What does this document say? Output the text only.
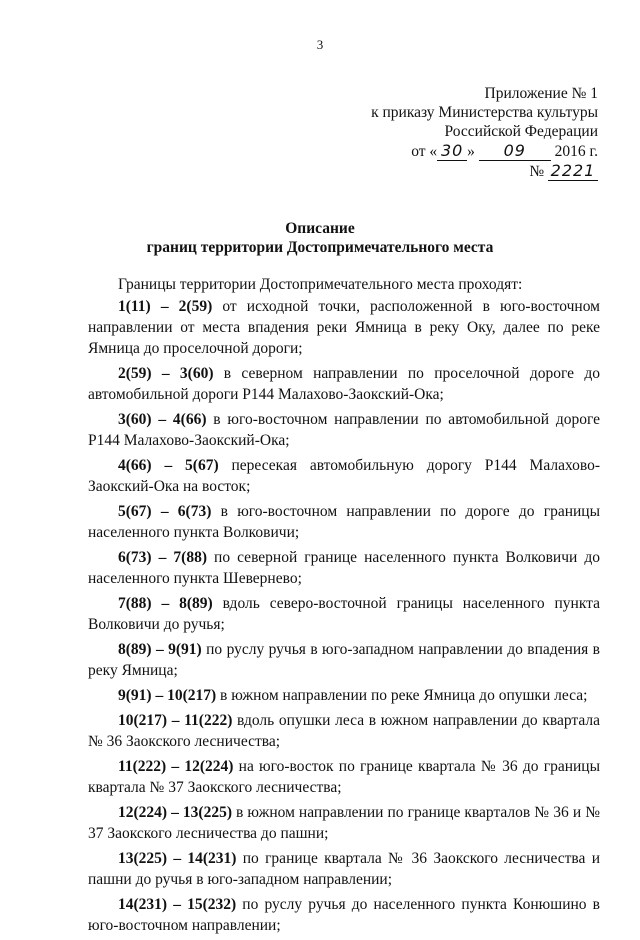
3
Приложение № 1
к приказу Министерства культуры
Российской Федерации
от « 30 » 09 2016 г.
№ 2221
Описание
границ территории Достопримечательного места

Границы территории Достопримечательного места проходят:

1(11) – 2(59) от исходной точки, расположенной в юго-восточном направлении от места впадения реки Ямница в реку Оку, далее по реке Ямница до проселочной дороги;

2(59) – 3(60) в северном направлении по проселочной дороге до автомобильной дороги Р144 Малахово-Заокский-Ока;

3(60) – 4(66) в юго-восточном направлении по автомобильной дороге Р144 Малахово-Заокский-Ока;

4(66) – 5(67) пересекая автомобильную дорогу Р144 Малахово-Заокский-Ока на восток;

5(67) – 6(73) в юго-восточном направлении по дороге до границы населенного пункта Волковичи;

6(73) – 7(88) по северной границе населенного пункта Волковичи до населенного пункта Шевернево;

7(88) – 8(89) вдоль северо-восточной границы населенного пункта Волковичи до ручья;

8(89) – 9(91) по руслу ручья в юго-западном направлении до впадения в реку Ямница;

9(91) – 10(217) в южном направлении по реке Ямница до опушки леса;

10(217) – 11(222) вдоль опушки леса в южном направлении до квартала № 36 Заокского лесничества;

11(222) – 12(224) на юго-восток по границе квартала № 36 до границы квартала № 37 Заокского лесничества;

12(224) – 13(225) в южном направлении по границе кварталов № 36 и № 37 Заокского лесничества до пашни;

13(225) – 14(231) по границе квартала № 36 Заокского лесничества и пашни до ручья в юго-западном направлении;

14(231) – 15(232) по руслу ручья до населенного пункта Конюшино в юго-восточном направлении;
